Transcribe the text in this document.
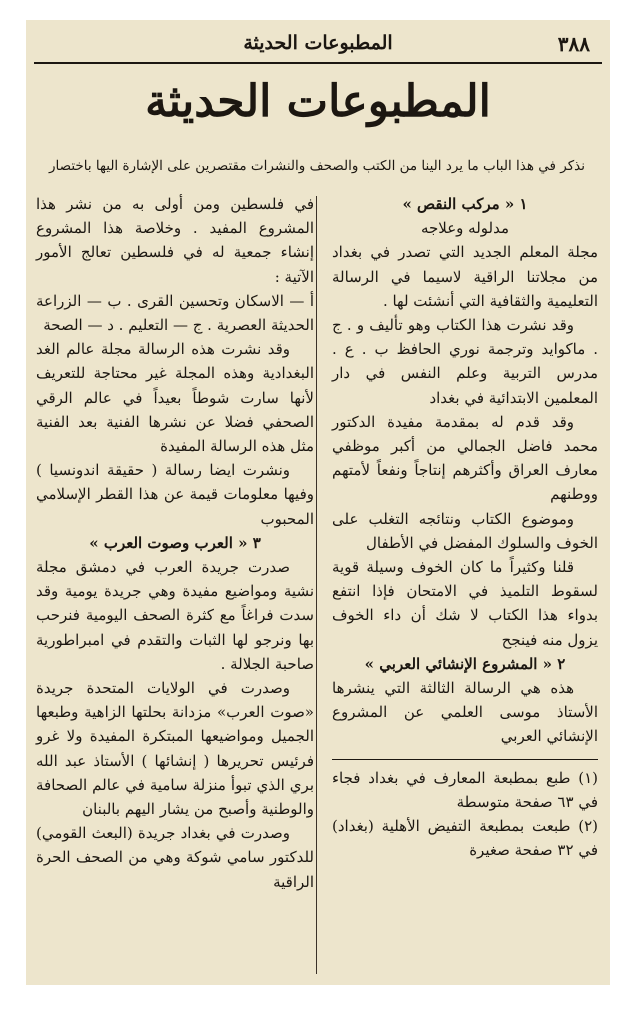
٣٨٨
المطبوعات الحديثة
المطبوعات الحديثة
نذكر في هذا الباب ما يرد الينا من الكتب والصحف والنشرات مقتصرين على الإشارة اليها باختصار

١ « مركب النقص »

مدلوله وعلاجه

مجلة المعلم الجديد التي تصدر في بغداد من مجلاتنا الراقية لاسيما في الرسالة التعليمية والثقافية التي أنشئت لها .

وقد نشرت هذا الكتاب وهو تأليف و . ج . ماكوايد وترجمة نوري الحافظ ب . ع . مدرس التربية وعلم النفس في دار المعلمين الابتدائية في بغداد

وقد قدم له بمقدمة مفيدة الدكتور محمد فاضل الجمالي من أكبر موظفي معارف العراق وأكثرهم إنتاجاً ونفعاً لأمتهم ووطنهم

وموضوع الكتاب ونتائجه التغلب على الخوف والسلوك المفضل في الأطفال

قلنا وكثيراً ما كان الخوف وسيلة قوية لسقوط التلميذ في الامتحان فإذا انتفع بدواء هذا الكتاب لا شك أن داء الخوف يزول منه فينجح

٢ « المشروع الإنشائي العربي »

هذه هي الرسالة الثالثة التي ينشرها الأستاذ موسى العلمي عن المشروع الإنشائي العربي

(١) طبع بمطبعة المعارف في بغداد فجاء في ٦٣ صفحة متوسطة

(٢) طبعت بمطبعة التفيض الأهلية (بغداد) في ٣٢ صفحة صغيرة

في فلسطين ومن أولى به من نشر هذا المشروع المفيد . وخلاصة هذا المشروع إنشاء جمعية له في فلسطين تعالج الأمور الآتية :

أ — الاسكان وتحسين القرى . ب — الزراعة الحديثة العصرية . ج — التعليم . د — الصحة

وقد نشرت هذه الرسالة مجلة عالم الغد البغدادية وهذه المجلة غير محتاجة للتعريف لأنها سارت شوطاً بعيداً في عالم الرقي الصحفي فضلا عن نشرها الفنية بعد الفنية مثل هذه الرسالة المفيدة

ونشرت ايضا رسالة ( حقيقة اندونسيا ) وفيها معلومات قيمة عن هذا القطر الإسلامي المحبوب

٣ « العرب وصوت العرب »

صدرت جريدة العرب في دمشق مجلة نشية ومواضيع مفيدة وهي جريدة يومية وقد سدت فراغاً مع كثرة الصحف اليومية فنرحب بها ونرجو لها الثبات والتقدم في امبراطورية صاحبة الجلالة .

وصدرت في الولايات المتحدة جريدة «صوت العرب» مزدانة بحلتها الزاهية وطبعها الجميل ومواضيعها المبتكرة المفيدة ولا غرو فرئيس تحريرها ( إنشائها ) الأستاذ عبد الله بري الذي تبوأ منزلة سامية في عالم الصحافة والوطنية وأصبح من يشار اليهم بالبنان

وصدرت في بغداد جريدة (البعث القومي) للدكتور سامي شوكة وهي من الصحف الحرة الراقية
